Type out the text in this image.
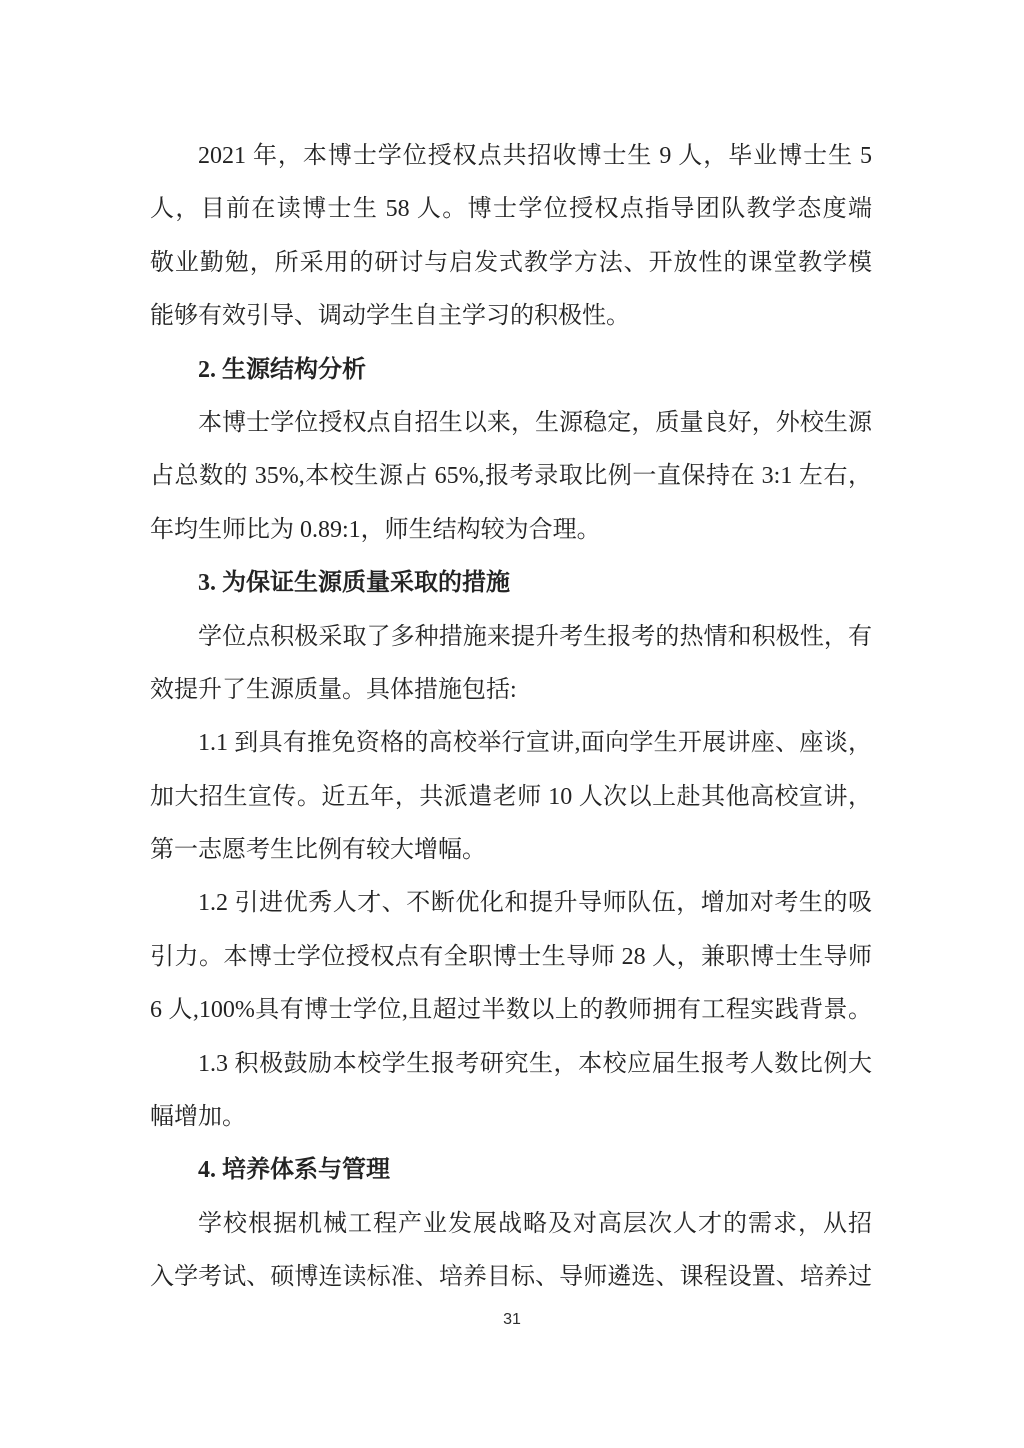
2021 年，本博士学位授权点共招收博士生 9 人，毕业博士生 5
人，目前在读博士生 58 人。博士学位授权点指导团队教学态度端
敬业勤勉，所采用的研讨与启发式教学方法、开放性的课堂教学模
能够有效引导、调动学生自主学习的积极性。
2. 生源结构分析
本博士学位授权点自招生以来，生源稳定，质量良好，外校生源
占总数的 35%,本校生源占 65%,报考录取比例一直保持在 3:1 左右，
年均生师比为 0.89:1，师生结构较为合理。
3. 为保证生源质量采取的措施
学位点积极采取了多种措施来提升考生报考的热情和积极性，有
效提升了生源质量。具体措施包括:
1.1 到具有推免资格的高校举行宣讲,面向学生开展讲座、座谈，
加大招生宣传。近五年，共派遣老师 10 人次以上赴其他高校宣讲，
第一志愿考生比例有较大增幅。
1.2 引进优秀人才、不断优化和提升导师队伍，增加对考生的吸
引力。本博士学位授权点有全职博士生导师 28 人，兼职博士生导师
6 人,100%具有博士学位,且超过半数以上的教师拥有工程实践背景。
1.3 积极鼓励本校学生报考研究生，本校应届生报考人数比例大
幅增加。
4. 培养体系与管理
学校根据机械工程产业发展战略及对高层次人才的需求，从招
入学考试、硕博连读标准、培养目标、导师遴选、课程设置、培养过
31
